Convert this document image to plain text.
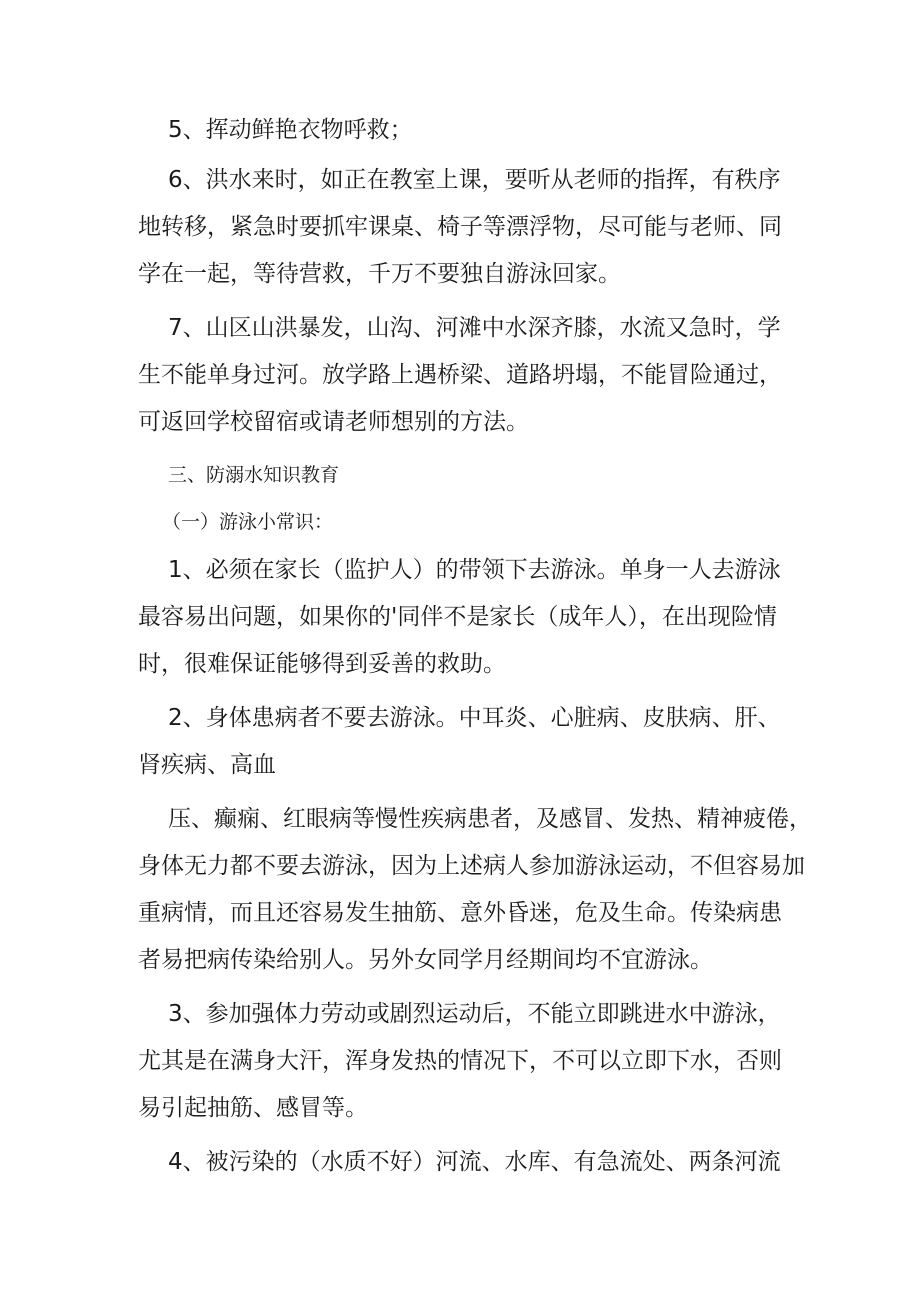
5、挥动鲜艳衣物呼救；
6、洪水来时，如正在教室上课，要听从老师的指挥，有秩序
地转移，紧急时要抓牢课桌、椅子等漂浮物，尽可能与老师、同
学在一起，等待营救，千万不要独自游泳回家。
7、山区山洪暴发，山沟、河滩中水深齐膝，水流又急时，学
生不能单身过河。放学路上遇桥梁、道路坍塌，不能冒险通过，
可返回学校留宿或请老师想别的方法。
三、防溺水知识教育
（一）游泳小常识：
1、必须在家长（监护人）的带领下去游泳。单身一人去游泳
最容易出问题，如果你的'同伴不是家长（成年人），在出现险情
时，很难保证能够得到妥善的救助。
2、身体患病者不要去游泳。中耳炎、心脏病、皮肤病、肝、
肾疾病、高血
压、癫痫、红眼病等慢性疾病患者，及感冒、发热、精神疲倦，
身体无力都不要去游泳，因为上述病人参加游泳运动，不但容易加
重病情，而且还容易发生抽筋、意外昏迷，危及生命。传染病患
者易把病传染给别人。另外女同学月经期间均不宜游泳。
3、参加强体力劳动或剧烈运动后，不能立即跳进水中游泳，
尤其是在满身大汗，浑身发热的情况下，不可以立即下水，否则
易引起抽筋、感冒等。
4、被污染的（水质不好）河流、水库、有急流处、两条河流
